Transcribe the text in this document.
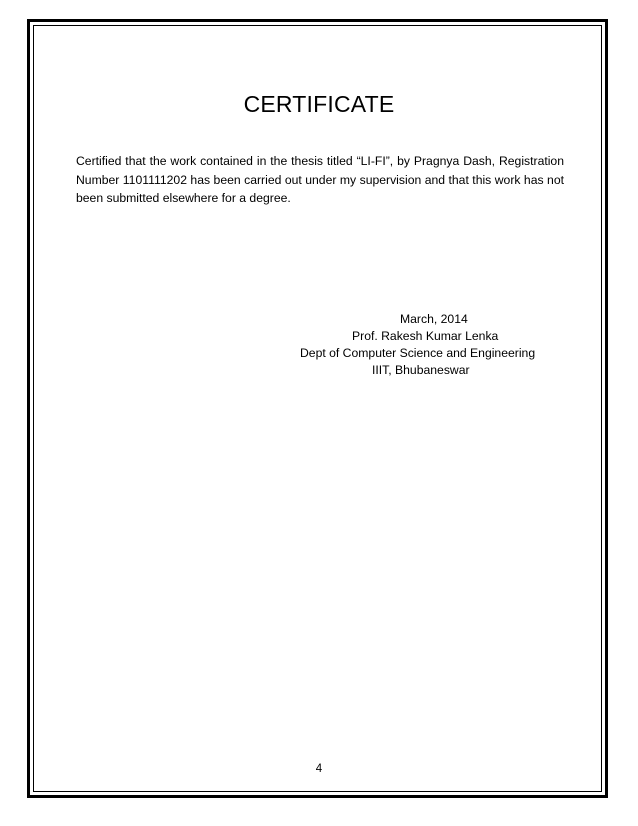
CERTIFICATE
Certified that the work contained in the thesis titled “LI-FI”, by Pragnya Dash, Registration Number 1101111202 has been carried out under my supervision and that this work has not been submitted elsewhere for a degree.
March, 2014
Prof. Rakesh Kumar Lenka
Dept of Computer Science and Engineering
IIIT, Bhubaneswar
4
